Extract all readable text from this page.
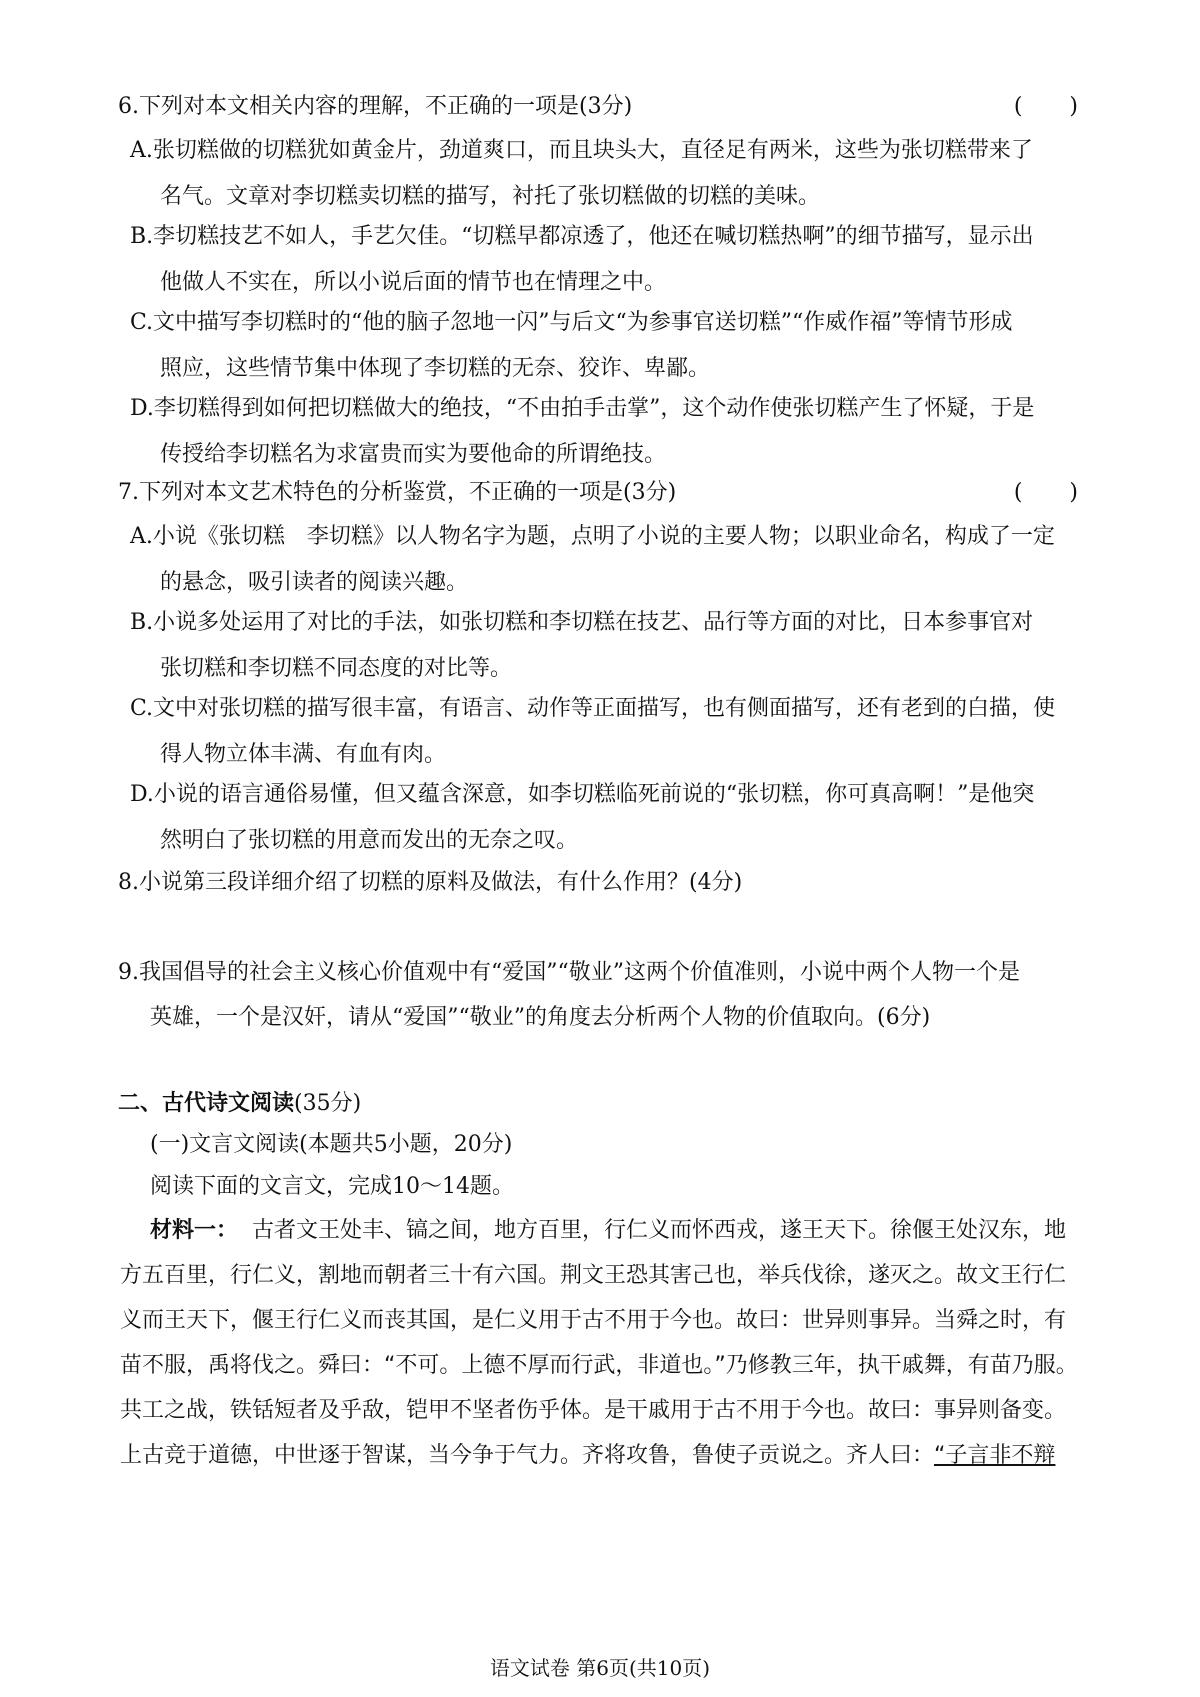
6.下列对本文相关内容的理解，不正确的一项是(3分)	( )
A.张切糕做的切糕犹如黄金片，劲道爽口，而且块头大，直径足有两米，这些为张切糕带来了
名气。文章对李切糕卖切糕的描写，衬托了张切糕做的切糕的美味。
B.李切糕技艺不如人，手艺欠佳。“切糕早都凉透了，他还在喊切糕热啊”的细节描写，显示出
他做人不实在，所以小说后面的情节也在情理之中。
C.文中描写李切糕时的“他的脑子忽地一闪”与后文“为参事官送切糕”“作威作福”等情节形成
照应，这些情节集中体现了李切糕的无奈、狡诈、卑鄙。
D.李切糕得到如何把切糕做大的绝技，“不由拍手击掌”，这个动作使张切糕产生了怀疑，于是
传授给李切糕名为求富贵而实为要他命的所谓绝技。
7.下列对本文艺术特色的分析鉴赏，不正确的一项是(3分)	( )
A.小说《张切糕　李切糕》以人物名字为题，点明了小说的主要人物；以职业命名，构成了一定
的悬念，吸引读者的阅读兴趣。
B.小说多处运用了对比的手法，如张切糕和李切糕在技艺、品行等方面的对比，日本参事官对
张切糕和李切糕不同态度的对比等。
C.文中对张切糕的描写很丰富，有语言、动作等正面描写，也有侧面描写，还有老到的白描，使
得人物立体丰满、有血有肉。
D.小说的语言通俗易懂，但又蕴含深意，如李切糕临死前说的“张切糕，你可真高啊！”是他突
然明白了张切糕的用意而发出的无奈之叹。
8.小说第三段详细介绍了切糕的原料及做法，有什么作用？(4分)
9.我国倡导的社会主义核心价值观中有“爱国”“敬业”这两个价值准则，小说中两个人物一个是
英雄，一个是汉奸，请从“爱国”“敬业”的角度去分析两个人物的价值取向。(6分)
二、古代诗文阅读(35分)
(一)文言文阅读(本题共5小题，20分)
阅读下面的文言文，完成10～14题。
材料一： 古者文王处丰、镐之间，地方百里，行仁义而怀西戎，遂王天下。徐偃王处汉东，地
方五百里，行仁义，割地而朝者三十有六国。荆文王恐其害己也，举兵伐徐，遂灭之。故文王行仁
义而王天下，偃王行仁义而丧其国，是仁义用于古不用于今也。故曰：世异则事异。当舜之时，有
苗不服，禹将伐之。舜曰：“不可。上德不厚而行武，非道也。”乃修教三年，执干戚舞，有苗乃服。
共工之战，铁铦短者及乎敌，铠甲不坚者伤乎体。是干戚用于古不用于今也。故曰：事异则备变。
上古竞于道德，中世逐于智谋，当今争于气力。齐将攻鲁，鲁使子贡说之。齐人曰：“子言非不辩
语文试卷 第6页(共10页)
